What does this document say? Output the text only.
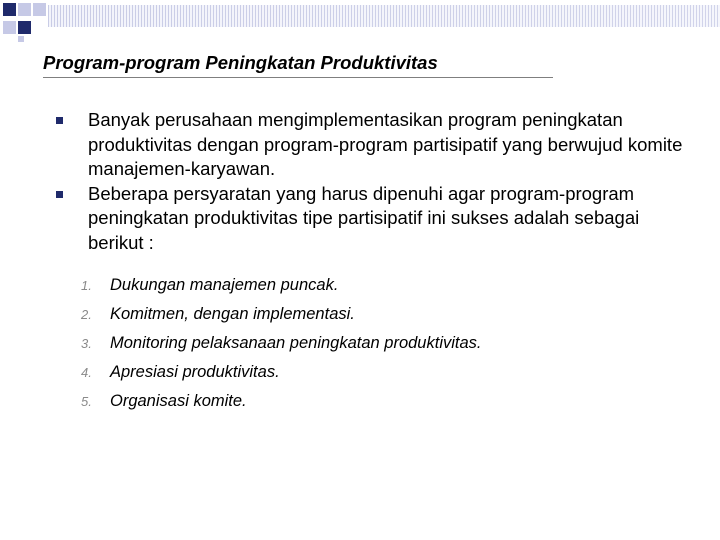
Program-program Peningkatan Produktivitas
Banyak perusahaan mengimplementasikan program peningkatan produktivitas dengan program-program partisipatif yang berwujud komite manajemen-karyawan.
Beberapa persyaratan yang harus dipenuhi agar program-program peningkatan produktivitas tipe partisipatif ini sukses adalah sebagai berikut :
1.	Dukungan manajemen puncak.
2.	Komitmen, dengan implementasi.
3.	Monitoring pelaksanaan peningkatan produktivitas.
4.	Apresiasi produktivitas.
5.	Organisasi komite.
